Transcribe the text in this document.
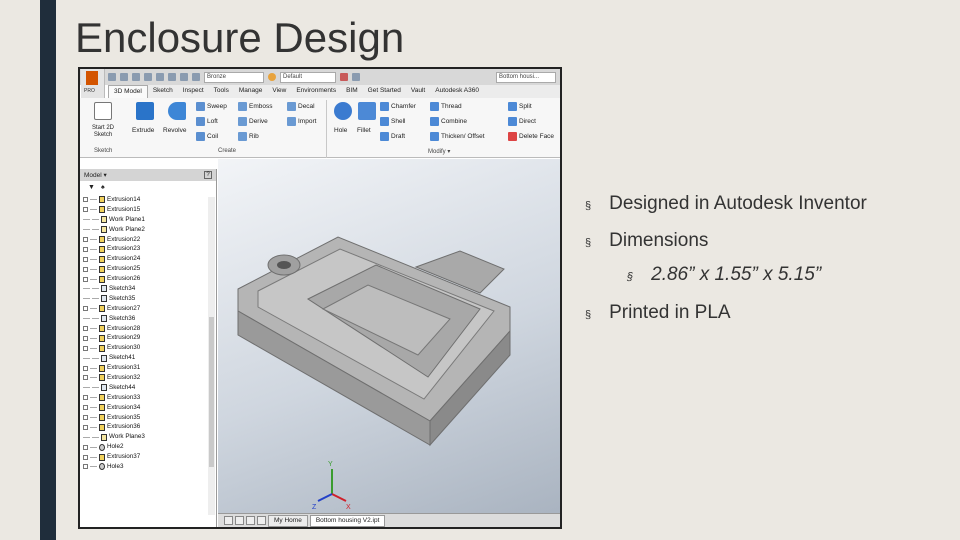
Enclosure Design
Bronze	Default	Bottom housi...
PRO	3D Model	Sketch	Inspect	Tools	Manage	View	Environments	BIM	Get Started	Vault	Autodesk A360
Start 2D Sketch
Extrude Revolve
Sweep
Loft
Coil
Emboss
Derive
Rib
Decal
Import
Hole Fillet
Chamfer
Shell
Draft
Thread
Combine
Thicken/ Offset
Split
Direct
Delete Face
Sketch	Create	Modify ▾
Model ▾	?
▼ ♠
Extrusion14
Extrusion15
Work Plane1
Work Plane2
Extrusion22
Extrusion23
Extrusion24
Extrusion25
Extrusion26
Sketch34
Sketch35
Extrusion27
Sketch36
Extrusion28
Extrusion29
Extrusion30
Sketch41
Extrusion31
Extrusion32
Sketch44
Extrusion33
Extrusion34
Extrusion35
Extrusion36
Work Plane3
Hole2
Extrusion37
Hole3	Y
X
Z
My Home	Bottom housing V2.ipt
§ Designed in Autodesk Inventor
§ Dimensions
§ 2.86” x 1.55” x 5.15”
§ Printed in PLA
